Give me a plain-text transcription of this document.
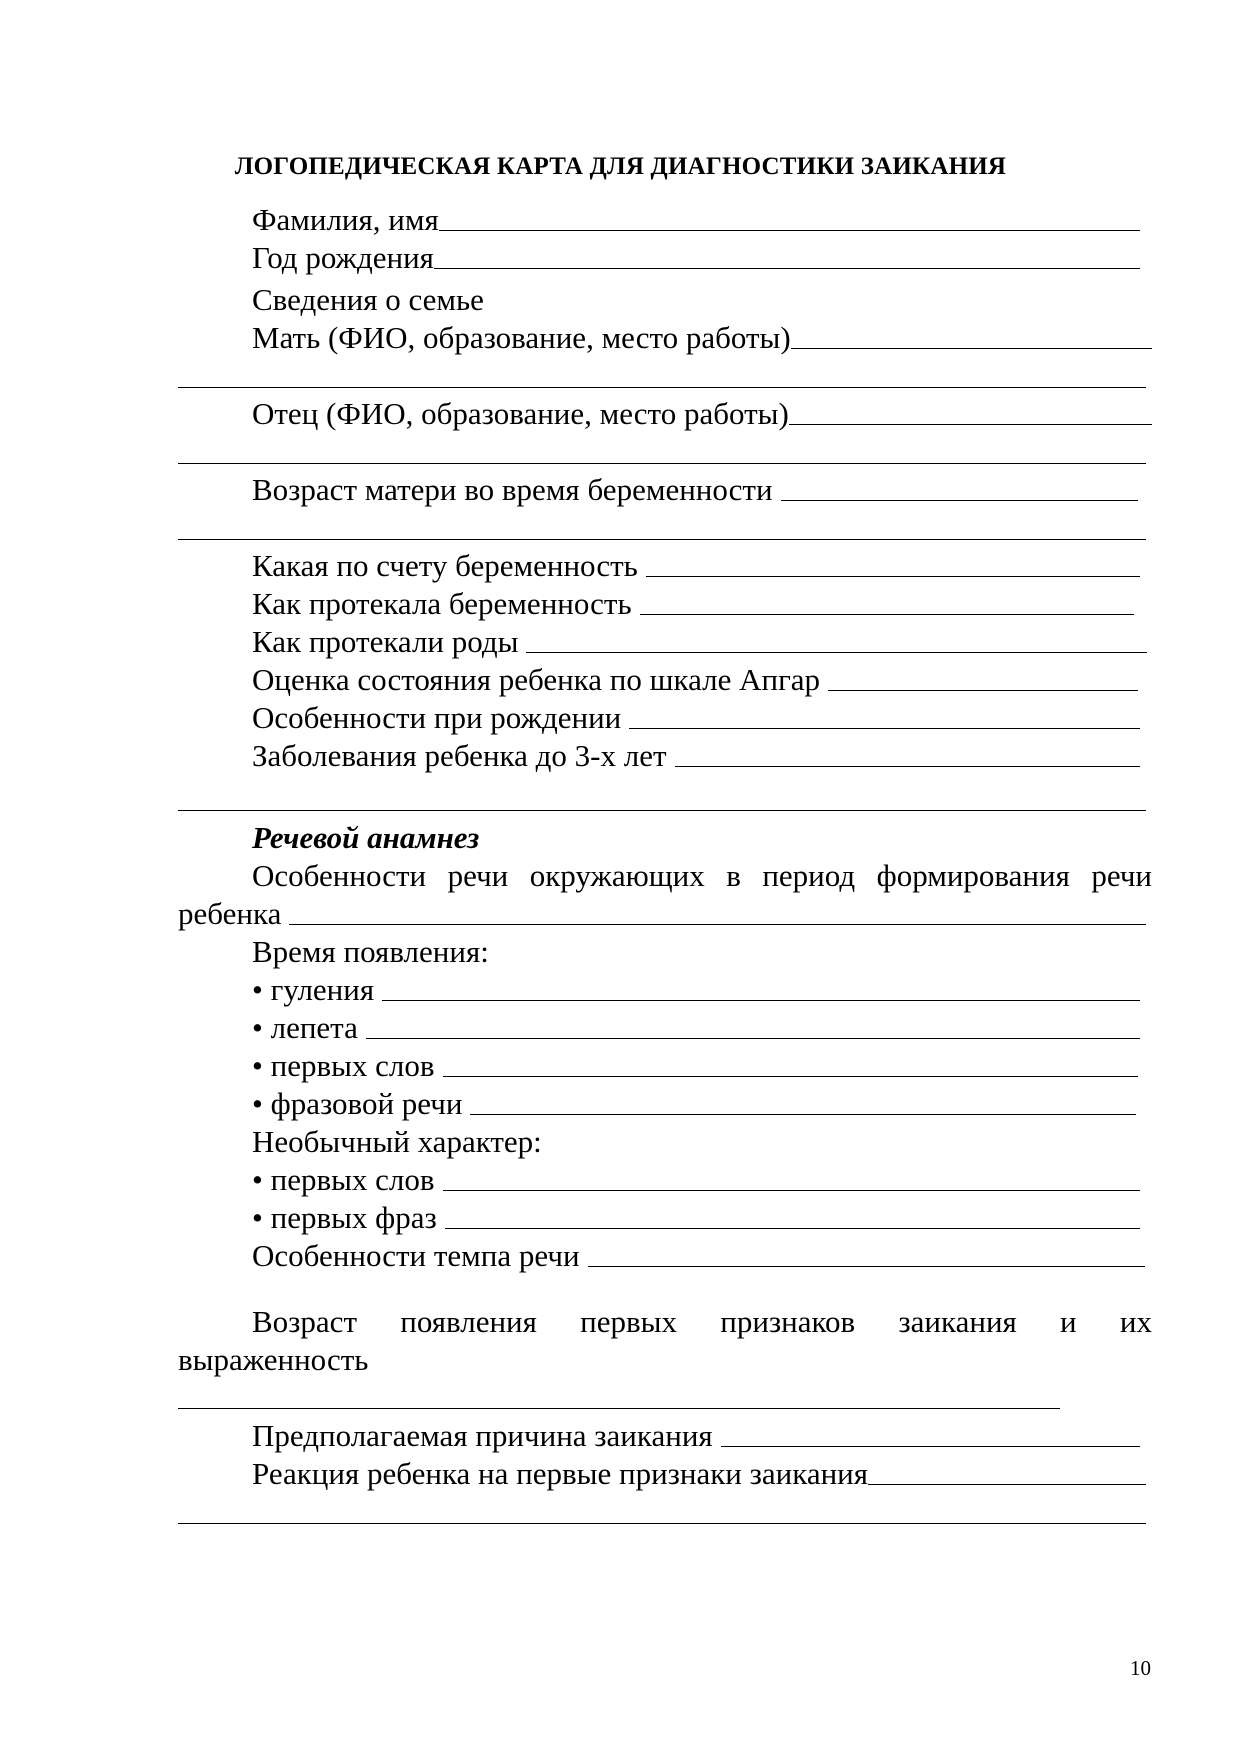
ЛОГОПЕДИЧЕСКАЯ КАРТА ДЛЯ ДИАГНОСТИКИ ЗАИКАНИЯ
Фамилия, имя
Год рождения
Сведения о семье
Мать (ФИО, образование, место работы)
Отец (ФИО, образование, место работы)
Возраст матери во время беременности
Какая по счету беременность
Как протекала беременность
Как протекали роды
Оценка состояния ребенка по шкале Апгар
Особенности при рождении
Заболевания ребенка до 3-х лет
Речевой анамнез
Особенности речи окружающих в период формирования речи
ребенка
Время появления:
• гуления
• лепета
• первых слов
• фразовой речи
Необычный характер:
• первых слов
• первых фраз
Особенности темпа речи
Возраст появления первых признаков заикания и их
выраженность
Предполагаемая причина заикания
Реакция ребенка на первые признаки заикания
10
